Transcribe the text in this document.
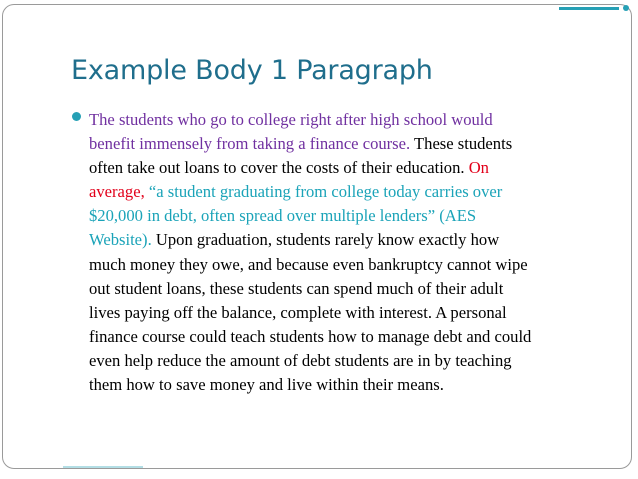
Example Body 1 Paragraph

The students who go to college right after high school would
benefit immensely from taking a finance course. These students
often take out loans to cover the costs of their education. On
average, “a student graduating from college today carries over
$20,000 in debt, often spread over multiple lenders” (AES
Website). Upon graduation, students rarely know exactly how
much money they owe, and because even bankruptcy cannot wipe
out student loans, these students can spend much of their adult
lives paying off the balance, complete with interest. A personal
finance course could teach students how to manage debt and could
even help reduce the amount of debt students are in by teaching
them how to save money and live within their means.
